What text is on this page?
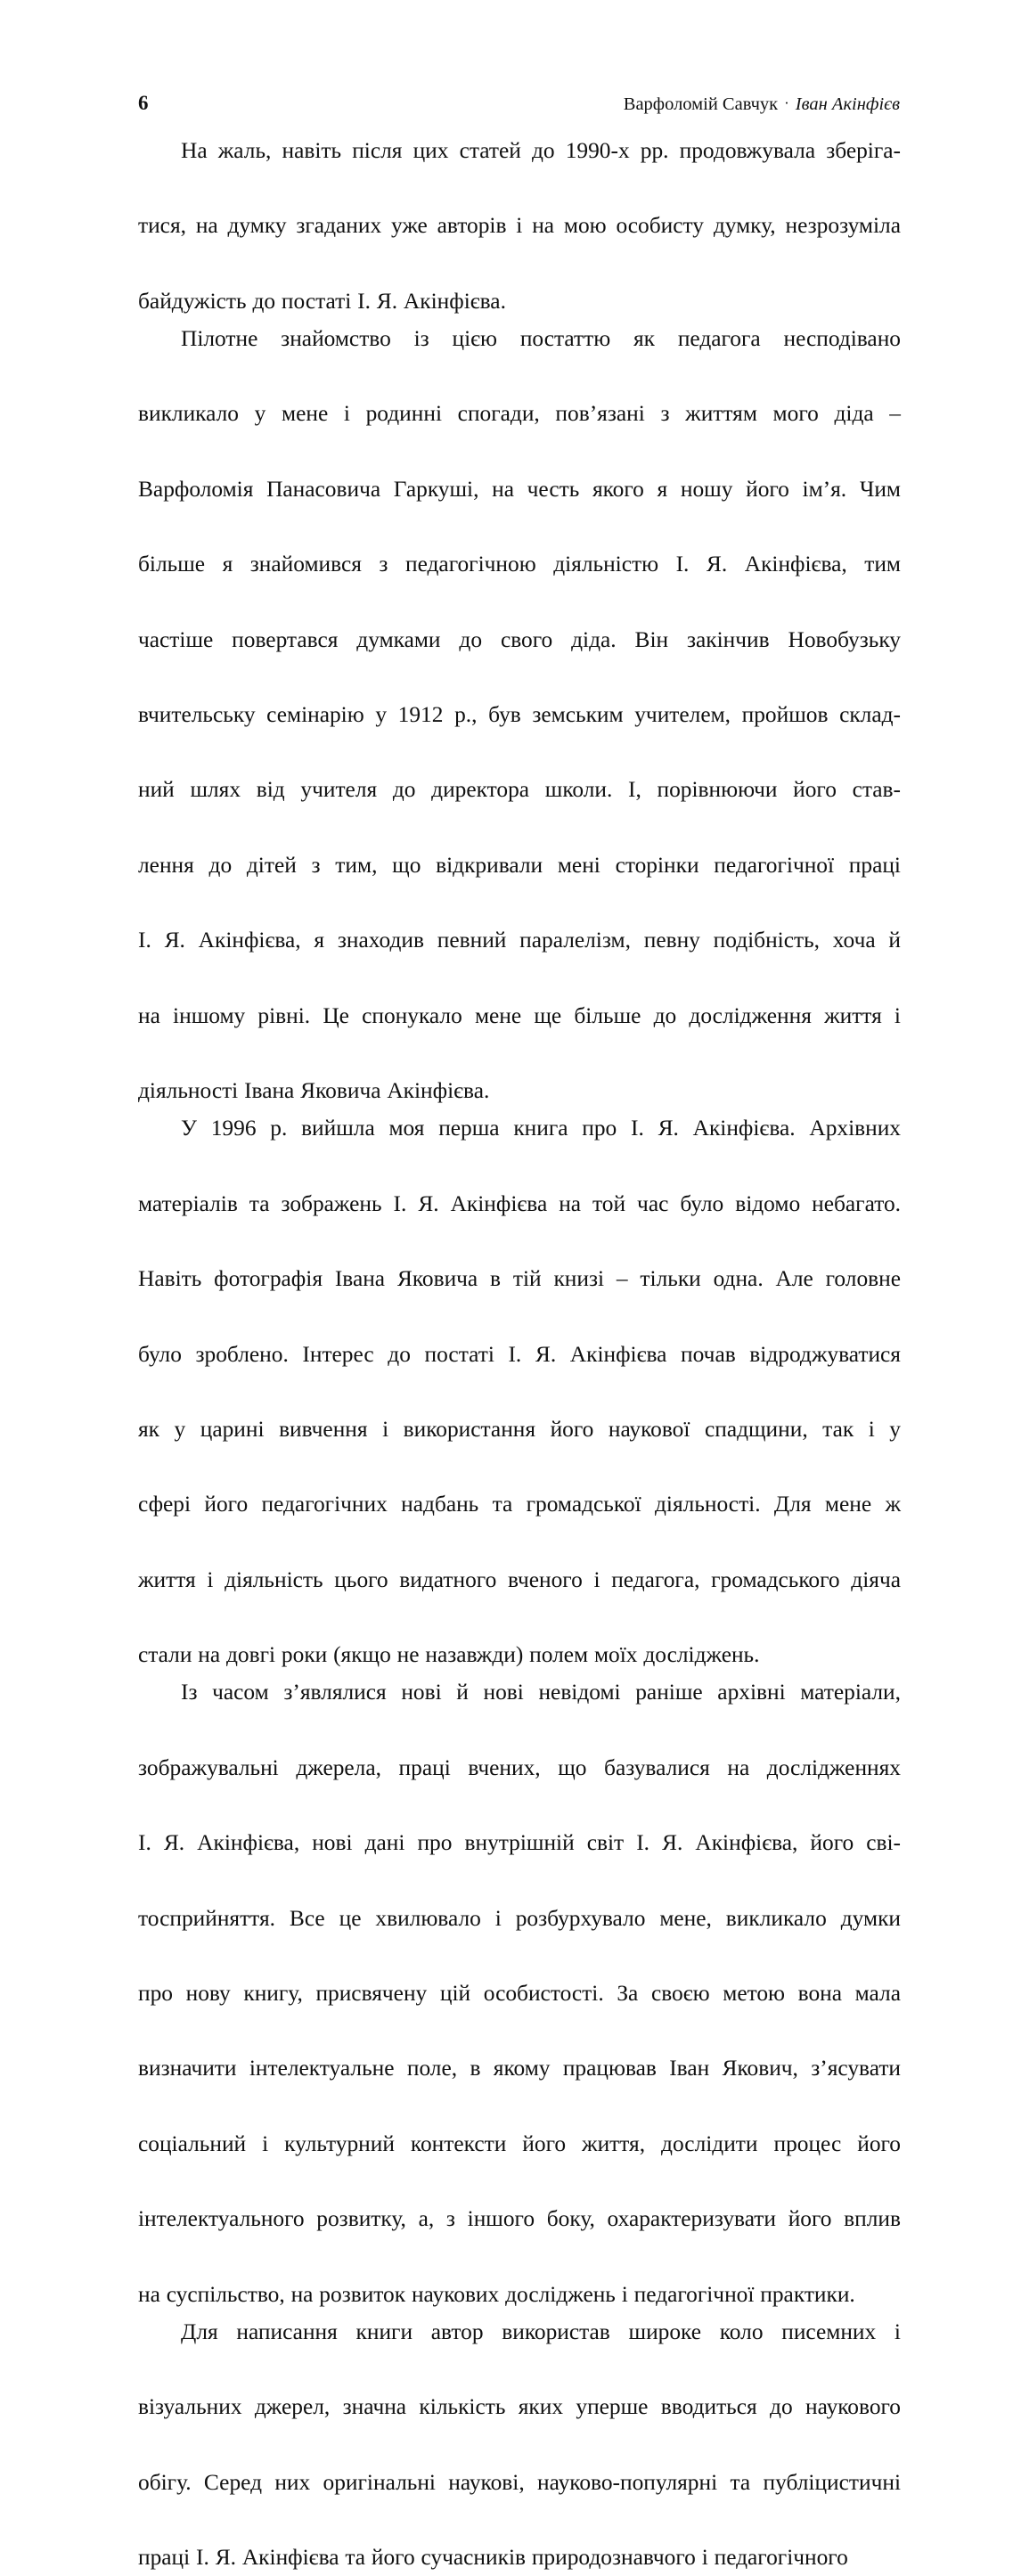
6	Варфоломій Савчук · Іван Акінфієв

На жаль, навіть після цих статей до 1990-х рр. продовжувала зберіга-
тися, на думку згаданих уже авторів і на мою особисту думку, незрозуміла
байдужість до постаті І. Я. Акінфієва.

Пілотне знайомство із цією постаттю як педагога несподівано
викликало у мене і родинні спогади, пов’язані з життям мого діда –
Варфоломія Панасовича Гаркуші, на честь якого я ношу його ім’я. Чим
більше я знайомився з педагогічною діяльністю І. Я. Акінфієва, тим
частіше повертався думками до свого діда. Він закінчив Новобузьку
вчительську семінарію у 1912 р., був земським учителем, пройшов склад-
ний шлях від учителя до директора школи. І, порівнюючи його став-
лення до дітей з тим, що відкривали мені сторінки педагогічної праці
І. Я. Акінфієва, я знаходив певний паралелізм, певну подібність, хоча й
на іншому рівні. Це спонукало мене ще більше до дослідження життя і
діяльності Івана Яковича Акінфієва.

У 1996 р. вийшла моя перша книга про І. Я. Акінфієва. Архівних
матеріалів та зображень І. Я. Акінфієва на той час було відомо небагато.
Навіть фотографія Івана Яковича в тій книзі – тільки одна. Але головне
було зроблено. Інтерес до постаті І. Я. Акінфієва почав відроджуватися
як у царині вивчення і використання його наукової спадщини, так і у
сфері його педагогічних надбань та громадської діяльності. Для мене ж
життя і діяльність цього видатного вченого і педагога, громадського діяча
стали на довгі роки (якщо не назавжди) полем моїх досліджень.

Із часом з’являлися нові й нові невідомі раніше архівні матеріали,
зображувальні джерела, праці вчених, що базувалися на дослідженнях
І. Я. Акінфієва, нові дані про внутрішній світ І. Я. Акінфієва, його сві-
тосприйняття. Все це хвилювало і розбурхувало мене, викликало думки
про нову книгу, присвячену цій особистості. За своєю метою вона мала
визначити інтелектуальне поле, в якому працював Іван Якович, з’ясувати
соціальний і культурний контексти його життя, дослідити процес його
інтелектуального розвитку, а, з іншого боку, охарактеризувати його вплив
на суспільство, на розвиток наукових досліджень і педагогічної практики.

Для написання книги автор використав широке коло писемних і
візуальних джерел, значна кількість яких уперше вводиться до наукового
обігу. Серед них оригінальні наукові, науково-популярні та публіцистичні
праці І. Я. Акінфієва та його сучасників природознавчого і педагогічного
